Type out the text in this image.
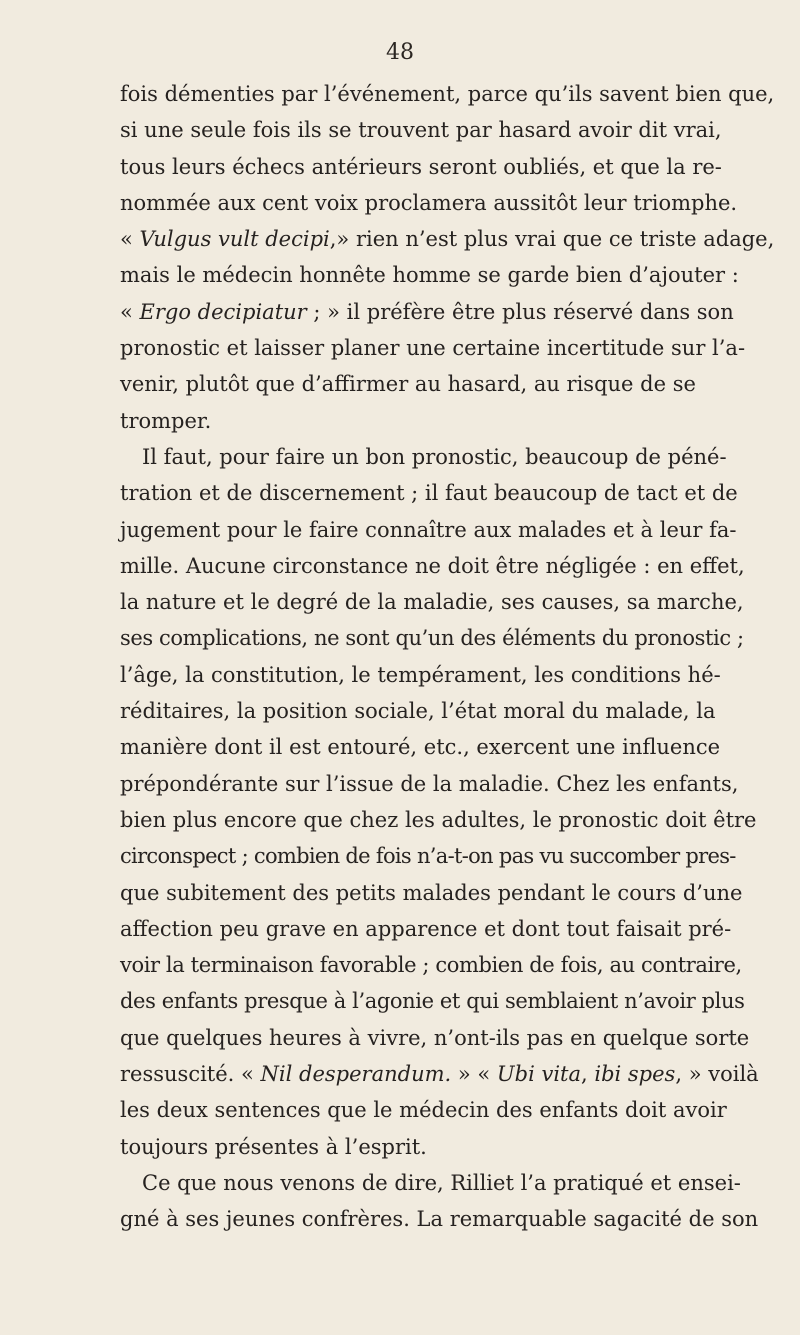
48
fois démenties par l’événement, parce qu’ils savent bien que,
si une seule fois ils se trouvent par hasard avoir dit vrai,
tous leurs échecs antérieurs seront oubliés, et que la re-
nommée aux cent voix proclamera aussitôt leur triomphe.
« Vulgus vult decipi,» rien n’est plus vrai que ce triste adage,
mais le médecin honnête homme se garde bien d’ajouter :
« Ergo decipiatur ; » il préfère être plus réservé dans son
pronostic et laisser planer une certaine incertitude sur l’a-
venir, plutôt que d’affirmer au hasard, au risque de se
tromper.
Il faut, pour faire un bon pronostic, beaucoup de péné-
tration et de discernement ; il faut beaucoup de tact et de
jugement pour le faire connaître aux malades et à leur fa-
mille. Aucune circonstance ne doit être négligée : en effet,
la nature et le degré de la maladie, ses causes, sa marche,
ses complications, ne sont qu’un des éléments du pronostic ;
l’âge, la constitution, le tempérament, les conditions hé-
réditaires, la position sociale, l’état moral du malade, la
manière dont il est entouré, etc., exercent une influence
prépondérante sur l’issue de la maladie. Chez les enfants,
bien plus encore que chez les adultes, le pronostic doit être
circonspect ; combien de fois n’a-t-on pas vu succomber pres-
que subitement des petits malades pendant le cours d’une
affection peu grave en apparence et dont tout faisait pré-
voir la terminaison favorable ; combien de fois, au contraire,
des enfants presque à l’agonie et qui semblaient n’avoir plus
que quelques heures à vivre, n’ont-ils pas en quelque sorte
ressuscité. « Nil desperandum. » « Ubi vita, ibi spes, » voilà
les deux sentences que le médecin des enfants doit avoir
toujours présentes à l’esprit.
Ce que nous venons de dire, Rilliet l’a pratiqué et ensei-
gné à ses jeunes confrères. La remarquable sagacité de son
